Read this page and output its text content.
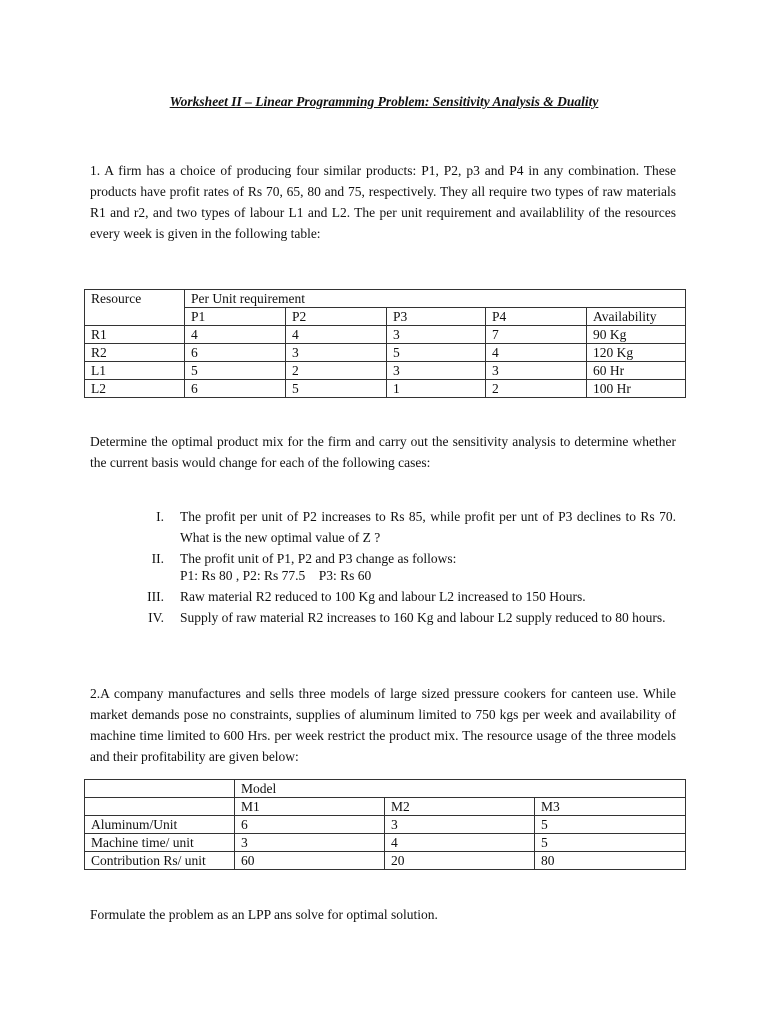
Worksheet II – Linear Programming Problem: Sensitivity Analysis & Duality
1. A firm has a choice of producing four similar products: P1, P2, p3 and P4 in any combination. These products have profit rates of Rs 70, 65, 80 and 75, respectively. They all require two types of raw materials R1 and r2, and two types of labour L1 and L2. The per unit requirement and availablility of the resources every week is given in the following table:
Resource	Per Unit requirement				
	P1	P2	P3	P4	Availability
R1	4	4	3	7	90 Kg
R2	6	3	5	4	120 Kg
L1	5	2	3	3	60 Hr
L2	6	5	1	2	100 Hr
Determine the optimal product mix for the firm and carry out the sensitivity analysis to determine whether the current basis would change for each of the following cases:
I.	The profit per unit of P2 increases to Rs 85, while profit per unt of P3 declines to Rs 70. What is the new optimal value of Z ?
II.	The profit unit of P1, P2 and P3 change as follows:
P1: Rs 80 , P2: Rs 77.5    P3: Rs 60
III.	Raw material R2 reduced to 100 Kg and labour L2 increased to 150 Hours.
IV.	Supply of raw material R2 increases to 160 Kg and labour L2 supply reduced to 80 hours.
2.A company manufactures and sells three models of large sized pressure cookers for canteen use. While market demands pose no constraints, supplies of aluminum limited to 750 kgs per week and availability of machine time limited to 600 Hrs. per week restrict the product mix. The resource usage of the three models and their profitability are given below:
	Model		
	M1	M2	M3
Aluminum/Unit	6	3	5
Machine time/ unit	3	4	5
Contribution Rs/ unit	60	20	80
Formulate the problem as an LPP ans solve for optimal solution.
